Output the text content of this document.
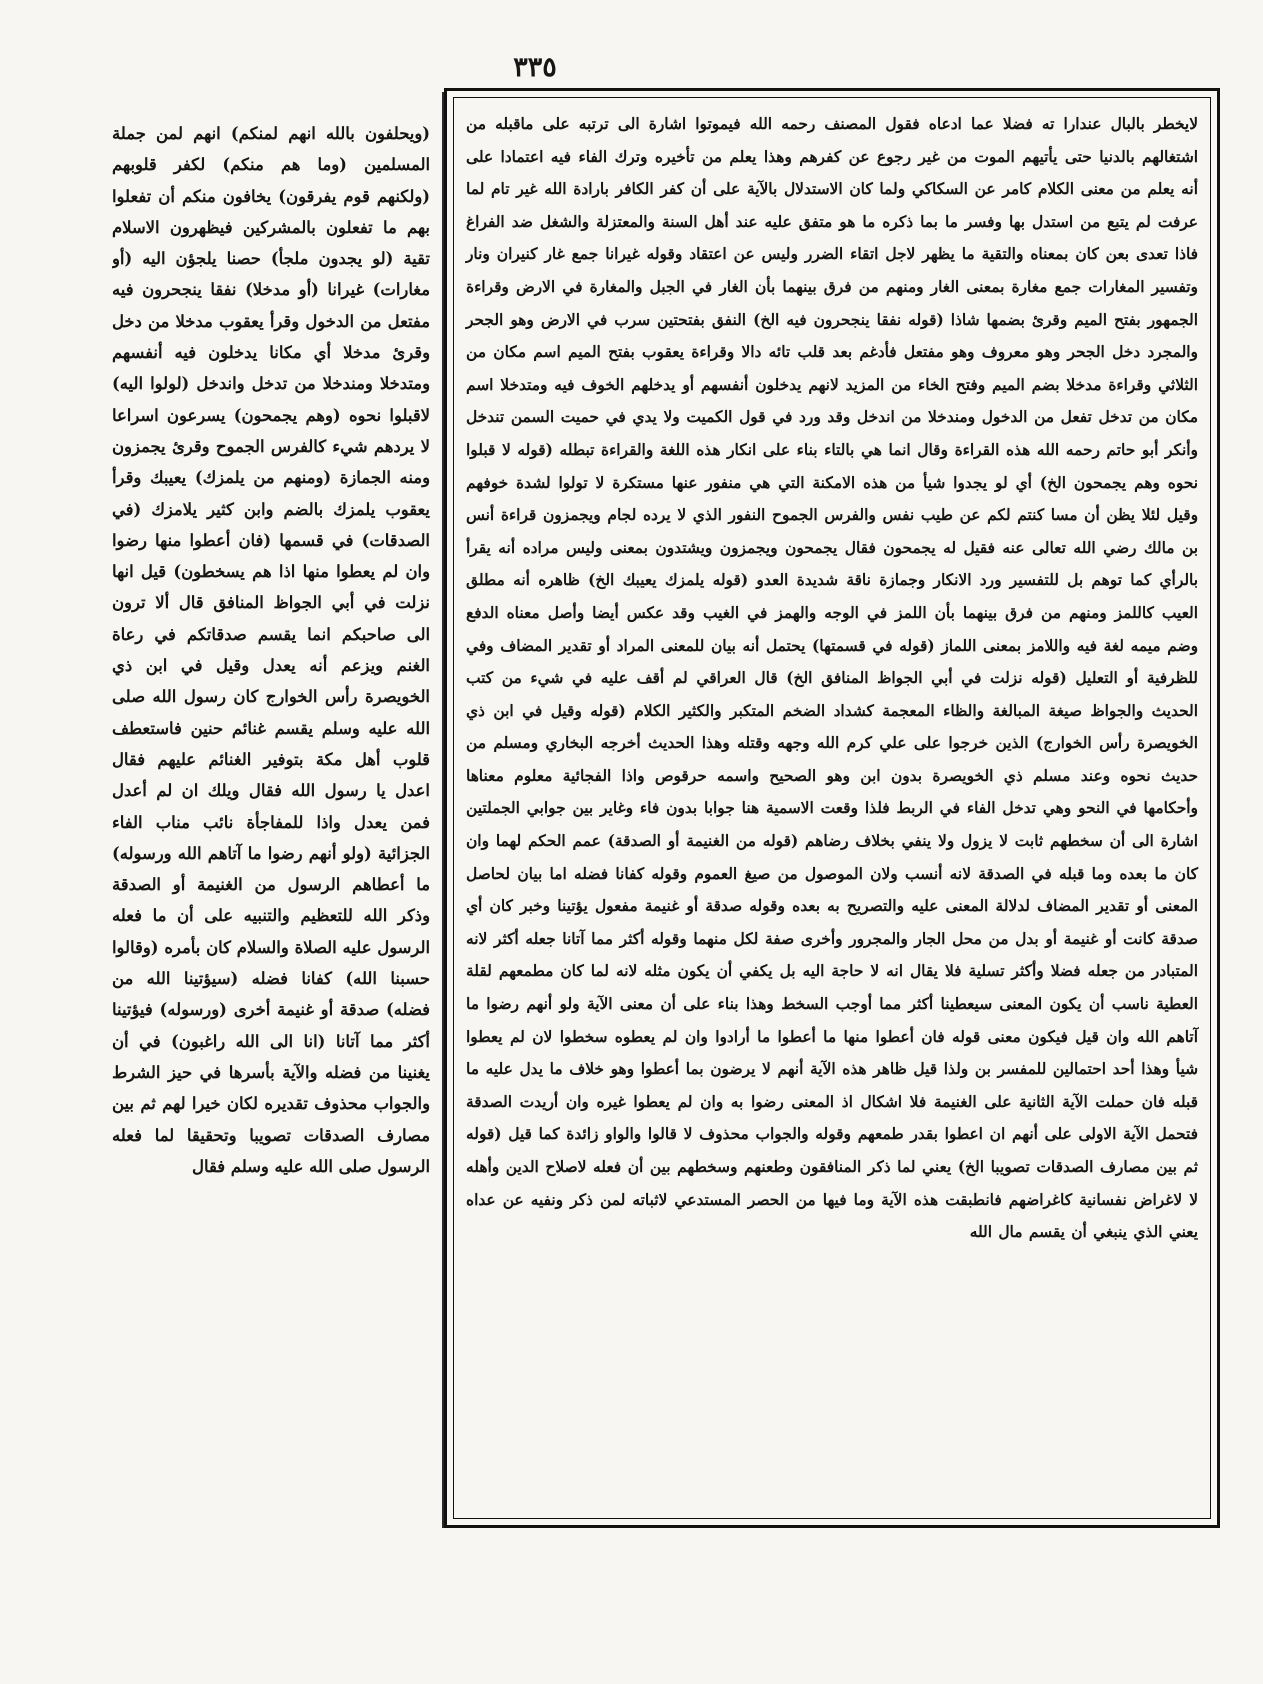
٣٣٥
لايخطر بالبال عندارا ته فضلا عما ادعاه فقول المصنف رحمه الله فيموتوا اشارة الى ترتبه على ماقبله من اشتغالهم بالدنيا حتى يأتيهم الموت من غير رجوع عن كفرهم وهذا يعلم من تأخيره وترك الفاء فيه اعتمادا على أنه يعلم من معنى الكلام كامر عن السكاكي ولما كان الاستدلال بالآية على أن كفر الكافر بارادة الله غير تام لما عرفت لم يتبع من استدل بها وفسر ما بما ذكره ما هو متفق عليه عند أهل السنة والمعتزلة والشغل ضد الفراغ فاذا تعدى بعن كان بمعناه والتقية ما يظهر لاجل اتقاء الضرر وليس عن اعتقاد وقوله غيرانا جمع غار كنيران ونار وتفسير المغارات جمع مغارة بمعنى الغار ومنهم من فرق بينهما بأن الغار في الجبل والمغارة في الارض وقراءة الجمهور بفتح الميم وقرئ بضمها شاذا (قوله نفقا ينجحرون فيه الخ) النفق بفتحتين سرب في الارض وهو الجحر والمجرد دخل الجحر وهو معروف وهو مفتعل فأدغم بعد قلب تائه دالا وقراءة يعقوب بفتح الميم اسم مكان من الثلاثي وقراءة مدخلا بضم الميم وفتح الخاء من المزيد لانهم يدخلون أنفسهم أو يدخلهم الخوف فيه ومتدخلا اسم مكان من تدخل تفعل من الدخول ومندخلا من اندخل وقد ورد في قول الكميت ولا يدي في حميت السمن تندخل وأنكر أبو حاتم رحمه الله هذه القراءة وقال انما هي بالتاء بناء على انكار هذه اللغة والقراءة تبطله (قوله لا قبلوا نحوه وهم يجمحون الخ) أي لو يجدوا شيأ من هذه الامكنة التي هي منفور عنها مستكرة لا تولوا لشدة خوفهم وقيل لئلا يظن أن مسا كنتم لكم عن طيب نفس والفرس الجموح النفور الذي لا يرده لجام ويجمزون قراءة أنس بن مالك رضي الله تعالى عنه فقيل له يجمحون فقال يجمحون ويجمزون ويشتدون بمعنى وليس مراده أنه يقرأ بالرأي كما توهم بل للتفسير ورد الانكار وجمازة ناقة شديدة العدو (قوله يلمزك يعيبك الخ) ظاهره أنه مطلق العيب كاللمز ومنهم من فرق بينهما بأن اللمز في الوجه والهمز في الغيب وقد عكس أيضا وأصل معناه الدفع وضم ميمه لغة فيه واللامز بمعنى اللماز (قوله في قسمتها) يحتمل أنه بيان للمعنى المراد أو تقدير المضاف وفي للظرفية أو التعليل (قوله نزلت في أبي الجواظ المنافق الخ) قال العراقي لم أقف عليه في شيء من كتب الحديث والجواظ صيغة المبالغة والظاء المعجمة كشداد الضخم المتكبر والكثير الكلام (قوله وقيل في ابن ذي الخويصرة رأس الخوارج) الذين خرجوا على علي كرم الله وجهه وقتله وهذا الحديث أخرجه البخاري ومسلم من حديث نحوه وعند مسلم ذي الخويصرة بدون ابن وهو الصحيح واسمه حرقوص واذا الفجائية معلوم معناها وأحكامها في النحو وهي تدخل الفاء في الربط فلذا وقعت الاسمية هنا جوابا بدون فاء وغاير بين جوابي الجملتين اشارة الى أن سخطهم ثابت لا يزول ولا ينفي بخلاف رضاهم (قوله من الغنيمة أو الصدقة) عمم الحكم لهما وان كان ما بعده وما قبله في الصدقة لانه أنسب ولان الموصول من صيغ العموم وقوله كفانا فضله اما بيان لحاصل المعنى أو تقدير المضاف لدلالة المعنى عليه والتصريح به بعده وقوله صدقة أو غنيمة مفعول يؤتينا وخبر كان أي صدقة كانت أو غنيمة أو بدل من محل الجار والمجرور وأخرى صفة لكل منهما وقوله أكثر مما آتانا جعله أكثر لانه المتبادر من جعله فضلا وأكثر تسلية فلا يقال انه لا حاجة اليه بل يكفي أن يكون مثله لانه لما كان مطمعهم لقلة العطية ناسب أن يكون المعنى سيعطينا أكثر مما أوجب السخط وهذا بناء على أن معنى الآية ولو أنهم رضوا ما آتاهم الله وان قيل فيكون معنى قوله فان أعطوا منها ما أعطوا ما أرادوا وان لم يعطوه سخطوا لان لم يعطوا شيأ وهذا أحد احتمالين للمفسر بن ولذا قيل ظاهر هذه الآية أنهم لا يرضون بما أعطوا وهو خلاف ما يدل عليه ما قبله فان حملت الآية الثانية على الغنيمة فلا اشكال اذ المعنى رضوا به وان لم يعطوا غيره وان أريدت الصدقة فتحمل الآية الاولى على أنهم ان اعطوا بقدر طمعهم وقوله والجواب محذوف لا قالوا والواو زائدة كما قيل (قوله ثم بين مصارف الصدقات تصويبا الخ) يعني لما ذكر المنافقون وطعنهم وسخطهم بين أن فعله لاصلاح الدين وأهله لا لاغراض نفسانية كاغراضهم فانطبقت هذه الآية وما فيها من الحصر المستدعي لاثباته لمن ذكر ونفيه عن عداه يعني الذي ينبغي أن يقسم مال الله
(ويحلفون بالله انهم لمنكم) انهم لمن جملة المسلمين (وما هم منكم) لكفر قلوبهم (ولكنهم قوم يفرقون) يخافون منكم أن تفعلوا بهم ما تفعلون بالمشركين فيظهرون الاسلام تقية (لو يجدون ملجأ) حصنا يلجؤن اليه (أو مغارات) غيرانا (أو مدخلا) نفقا ينجحرون فيه مفتعل من الدخول وقرأ يعقوب مدخلا من دخل وقرئ مدخلا أي مكانا يدخلون فيه أنفسهم ومتدخلا ومندخلا من تدخل واندخل (لولوا اليه) لاقبلوا نحوه (وهم يجمحون) يسرعون اسراعا لا يردهم شيء كالفرس الجموح وقرئ يجمزون ومنه الجمازة (ومنهم من يلمزك) يعيبك وقرأ يعقوب يلمزك بالضم وابن كثير يلامزك (في الصدقات) في قسمها (فان أعطوا منها رضوا وان لم يعطوا منها اذا هم يسخطون) قيل انها نزلت في أبي الجواظ المنافق قال ألا ترون الى صاحبكم انما يقسم صدقاتكم في رعاة الغنم ويزعم أنه يعدل وقيل في ابن ذي الخويصرة رأس الخوارج كان رسول الله صلى الله عليه وسلم يقسم غنائم حنين فاستعطف قلوب أهل مكة بتوفير الغنائم عليهم فقال اعدل يا رسول الله فقال ويلك ان لم أعدل فمن يعدل واذا للمفاجأة نائب مناب الفاء الجزائية (ولو أنهم رضوا ما آتاهم الله ورسوله) ما أعطاهم الرسول من الغنيمة أو الصدقة وذكر الله للتعظيم والتنبيه على أن ما فعله الرسول عليه الصلاة والسلام كان بأمره (وقالوا حسبنا الله) كفانا فضله (سيؤتينا الله من فضله) صدقة أو غنيمة أخرى (ورسوله) فيؤتينا أكثر مما آتانا (انا الى الله راغبون) في أن يغنينا من فضله والآية بأسرها في حيز الشرط والجواب محذوف تقديره لكان خيرا لهم ثم بين مصارف الصدقات تصويبا وتحقيقا لما فعله الرسول صلى الله عليه وسلم فقال
